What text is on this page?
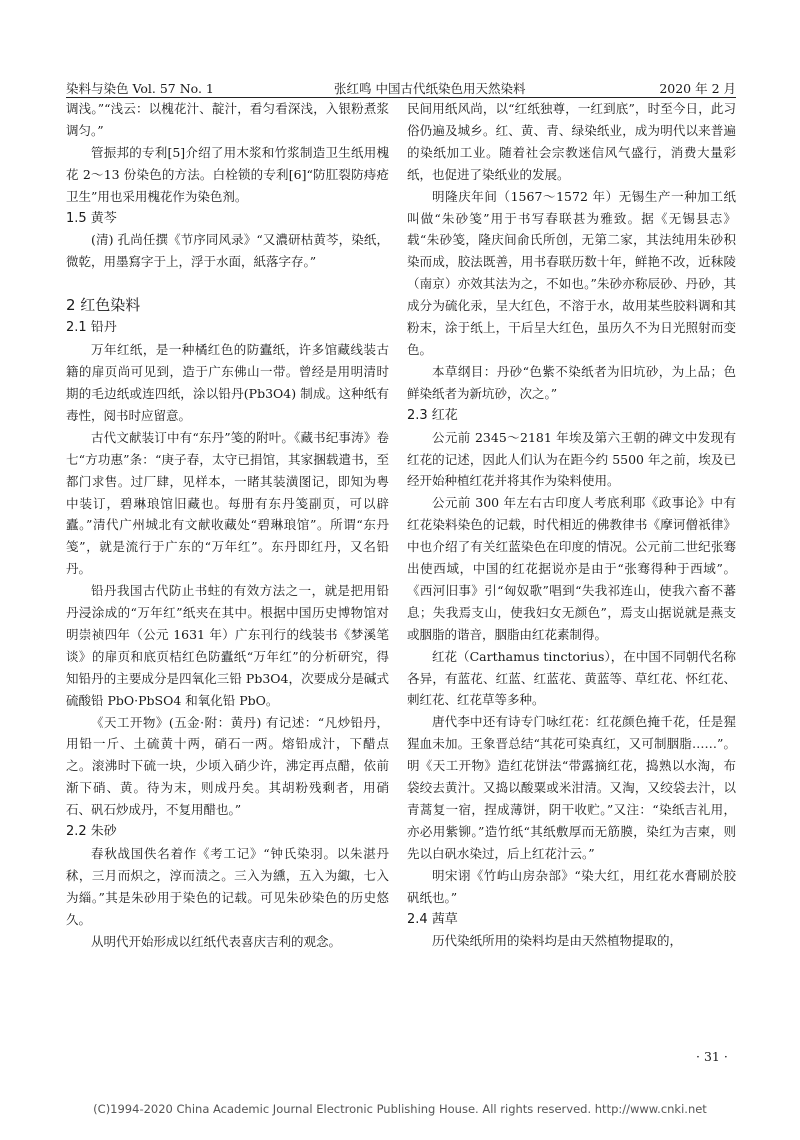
染料与染色 Vol. 57 No. 1	张红鸣 中国古代纸染色用天然染料	2020 年 2 月

调浅。”“浅云：以槐花汁、靛汁，看匀看深浅，入银粉煮浆调匀。”

管振邦的专利[5]介绍了用木浆和竹浆制造卫生纸用槐花 2～13 份染色的方法。白栓锁的专利[6]“防肛裂防痔疮卫生”用也采用槐花作为染色剂。

1.5 黄芩

(清) 孔尚任撰《节序同风录》“又濃研枯黄芩，染纸，微乾，用墨寫字于上，浮于水面，紙落字存。”

2 红色染料
2.1 铅丹

万年红纸，是一种橘红色的防蠹纸，许多馆藏线装古籍的扉页尚可见到，造于广东佛山一带。曾经是用明清时期的毛边纸或连四纸，涂以铅丹(Pb3O4) 制成。这种纸有毒性，阅书时应留意。

古代文献装订中有“东丹”笺的附叶。《藏书纪事涛》卷七“方功惠”条：“庚子春，太守已捐馆，其家捆载遣书，至都门求售。过厂肆，见样本，一睹其装潢图记，即知为粤中装订，碧琳琅馆旧藏也。每册有东丹笺副页，可以辟蠹。”清代广州城北有文献收藏处“碧琳琅馆”。所谓“东丹笺”，就是流行于广东的“万年红”。东丹即红丹，又名铅丹。

铅丹我国古代防止书蛀的有效方法之一，就是把用铅丹浸涂成的“万年红”纸夹在其中。根据中国历史博物馆对明崇祯四年（公元 1631 年）广东刊行的线装书《梦溪笔谈》的扉页和底页桔红色防蠹纸“万年红”的分析研究，得知铅丹的主要成分是四氧化三铅 Pb3O4，次要成分是碱式硫酸铅 PbO·PbSO4 和氧化铅 PbO。

《天工开物》(五金·附：黄丹) 有记述：“凡炒铅丹，用铅一斤、土硫黄十两，硝石一两。熔铅成汁，下醋点之。滚沸时下硫一块，少顷入硝少许，沸定再点醋，依前渐下硝、黄。待为末，则成丹矣。其胡粉残剩者，用硝石、矾石炒成丹，不复用醋也。”

2.2 朱砂

春秋战国佚名着作《考工记》“钟氏染羽。以朱湛丹秫，三月而炽之，淳而渍之。三入为纁，五入为緅，七入为緇。”其是朱砂用于染色的记载。可见朱砂染色的历史悠久。

从明代开始形成以红纸代表喜庆吉利的观念。

民间用纸风尚，以“红纸独尊，一红到底”，时至今日，此习俗仍遍及城乡。红、黄、青、绿染纸业，成为明代以来普遍的染纸加工业。随着社会宗教迷信风气盛行，消费大量彩纸，也促进了染纸业的发展。

明隆庆年间（1567～1572 年）无锡生产一种加工纸叫做“朱砂笺”用于书写春联甚为雅致。据《无锡县志》载“朱砂笺，隆庆间俞氏所创，无第二家，其法纯用朱砂积染而成，胶法既善，用书春联历数十年，鲜艳不改，近秣陵（南京）亦效其法为之，不如也。”朱砂亦称辰砂、丹砂，其成分为硫化汞，呈大红色，不溶于水，故用某些胶料调和其粉末，涂于纸上，干后呈大红色，虽历久不为日光照射而变色。

本草纲目：丹砂“色紫不染纸者为旧坑砂，为上品；色鲜染纸者为新坑砂，次之。”

2.3 红花

公元前 2345～2181 年埃及第六王朝的碑文中发现有红花的记述，因此人们认为在距今约 5500 年之前，埃及已经开始种植红花并将其作为染料使用。

公元前 300 年左右古印度人考底利耶《政事论》中有红花染料染色的记载，时代相近的佛教律书《摩诃僧祇律》中也介绍了有关红蓝染色在印度的情况。公元前二世纪张骞出使西域，中国的红花据说亦是由于“张骞得种于西域”。《西河旧事》引“匈奴歌”唱到“失我祁连山，使我六畜不蕃息；失我焉支山，使我妇女无颜色”，焉支山据说就是燕支或胭脂的谐音，胭脂由红花素制得。

红花（Carthamus tinctorius），在中国不同朝代名称各异，有蓝花、红蓝、红蓝花、黄蓝等、草红花、怀红花、刺红花、红花草等多种。

唐代李中还有诗专门咏红花：红花颜色掩千花，任是猩猩血未加。王象晋总结“其花可染真红，又可制胭脂……”。明《天工开物》造红花饼法“带露摘红花，捣熟以水淘，布袋绞去黄汁。又捣以酸粟或米泔清。又淘，又绞袋去汁，以青蒿复一宿，捏成薄饼，阴干收贮。”又注：“染纸吉礼用，亦必用紫铆。”造竹纸“其纸敷厚而无筋膜，染红为吉柬，则先以白矾水染过，后上红花汁云。”

明宋诩《竹屿山房杂部》“染大红，用红花水膏刷於胶矾纸也。”

2.4 茜草

历代染纸所用的染料均是由天然植物提取的，

· 31 ·
(C)1994-2020 China Academic Journal Electronic Publishing House. All rights reserved. http://www.cnki.net
